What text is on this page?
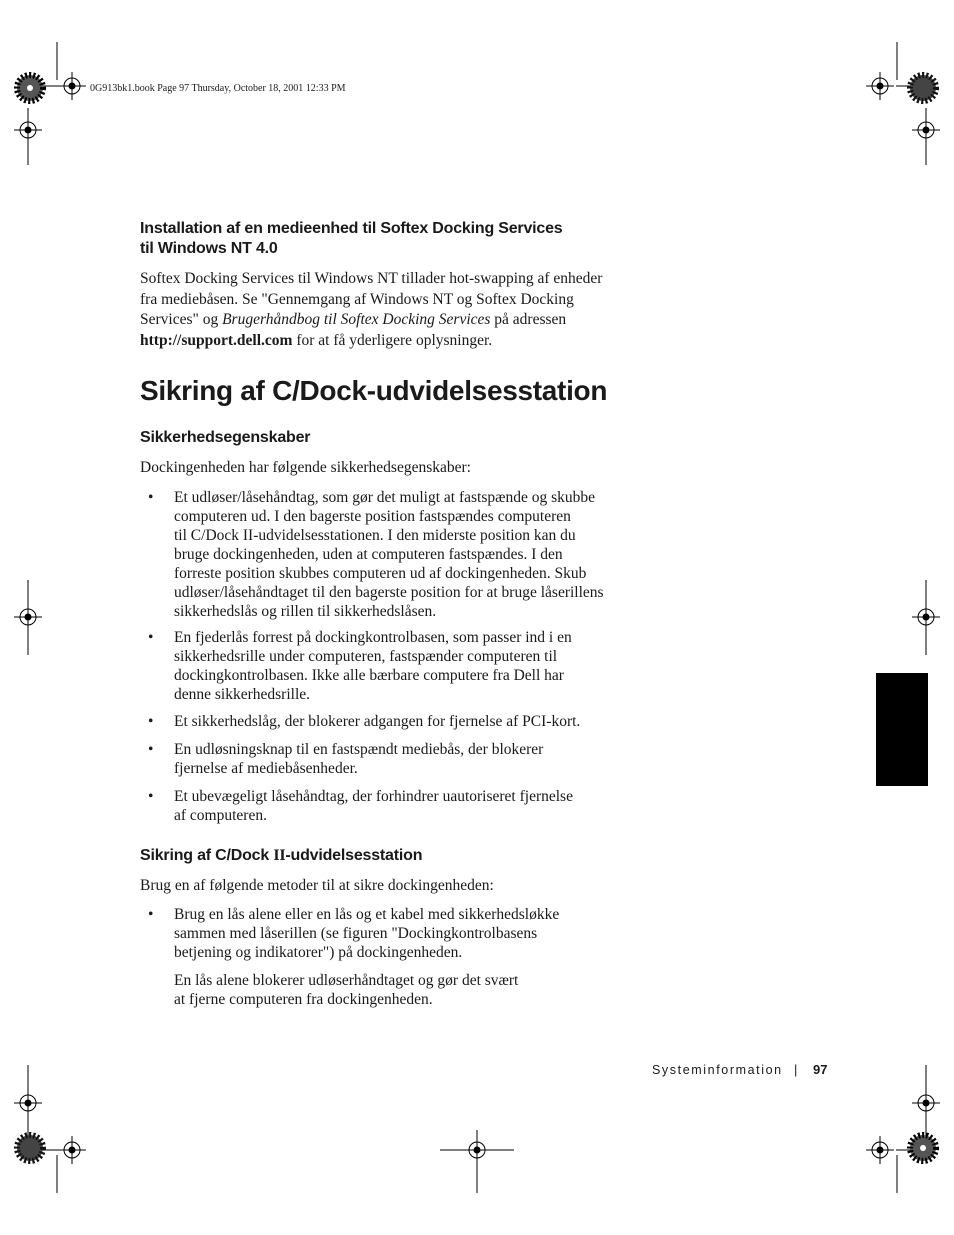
0G913bk1.book Page 97 Thursday, October 18, 2001 12:33 PM
Installation af en medieenhed til Softex Docking Services
til Windows NT 4.0
Softex Docking Services til Windows NT tillader hot-swapping af enheder
fra mediebåsen. Se "Gennemgang af Windows NT og Softex Docking
Services" og Brugerhåndbog til Softex Docking Services på adressen
http://support.dell.com for at få yderligere oplysninger.
Sikring af C/Dock-udvidelsesstation
Sikkerhedsegenskaber
Dockingenheden har følgende sikkerhedsegenskaber:
• Et udløser/låsehåndtag, som gør det muligt at fastspænde og skubbe
computeren ud. I den bagerste position fastspændes computeren
til C/Dock II-udvidelsesstationen. I den miderste position kan du
bruge dockingenheden, uden at computeren fastspændes. I den
forreste position skubbes computeren ud af dockingenheden. Skub
udløser/låsehåndtaget til den bagerste position for at bruge låserillens
sikkerhedslås og rillen til sikkerhedslåsen.
• En fjederlås forrest på dockingkontrolbasen, som passer ind i en
sikkerhedsrille under computeren, fastspænder computeren til
dockingkontrolbasen. Ikke alle bærbare computere fra Dell har
denne sikkerhedsrille.
• Et sikkerhedslåg, der blokerer adgangen for fjernelse af PCI-kort.
• En udløsningsknap til en fastspændt mediebås, der blokerer
fjernelse af mediebåsenheder.
• Et ubevægeligt låsehåndtag, der forhindrer uautoriseret fjernelse
af computeren.
Sikring af C/Dock II-udvidelsesstation
Brug en af følgende metoder til at sikre dockingenheden:
• Brug en lås alene eller en lås og et kabel med sikkerhedsløkke
sammen med låserillen (se figuren "Dockingkontrolbasens
betjening og indikatorer") på dockingenheden.
En lås alene blokerer udløserhåndtaget og gør det svært
at fjerne computeren fra dockingenheden.
Systeminformation | 97
